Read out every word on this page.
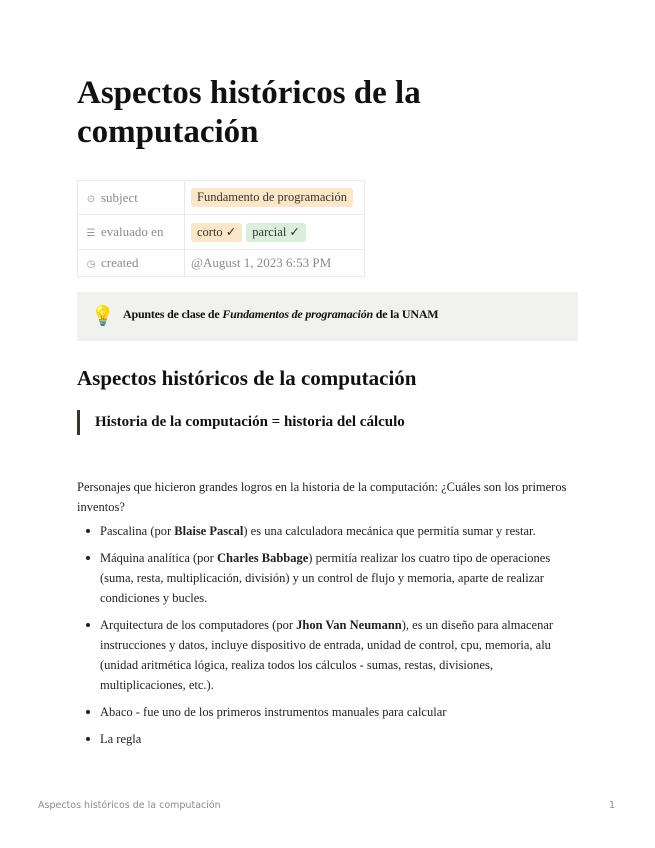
Aspectos históricos de la computación
⊙ subject	Fundamento de programación
☰ evaluado en	corto ✓ parcial ✓
◷ created	@August 1, 2023 6:53 PM
💡 Apuntes de clase de Fundamentos de programación de la UNAM
Aspectos históricos de la computación
Historia de la computación = historia del cálculo

Personajes que hicieron grandes logros en la historia de la computación: ¿Cuáles son los primeros inventos?

Pascalina (por Blaise Pascal) es una calculadora mecánica que permitía sumar y restar.
Máquina analítica (por Charles Babbage) permitía realizar los cuatro tipo de operaciones (suma, resta, multiplicación, división) y un control de flujo y memoria, aparte de realizar condiciones y bucles.
Arquitectura de los computadores (por Jhon Van Neumann), es un diseño para almacenar instrucciones y datos, incluye dispositivo de entrada, unidad de control, cpu, memoria, alu (unidad aritmética lógica, realiza todos los cálculos - sumas, restas, divisiones, multiplicaciones, etc.).
Abaco - fue uno de los primeros instrumentos manuales para calcular
La regla
Aspectos históricos de la computación	1
